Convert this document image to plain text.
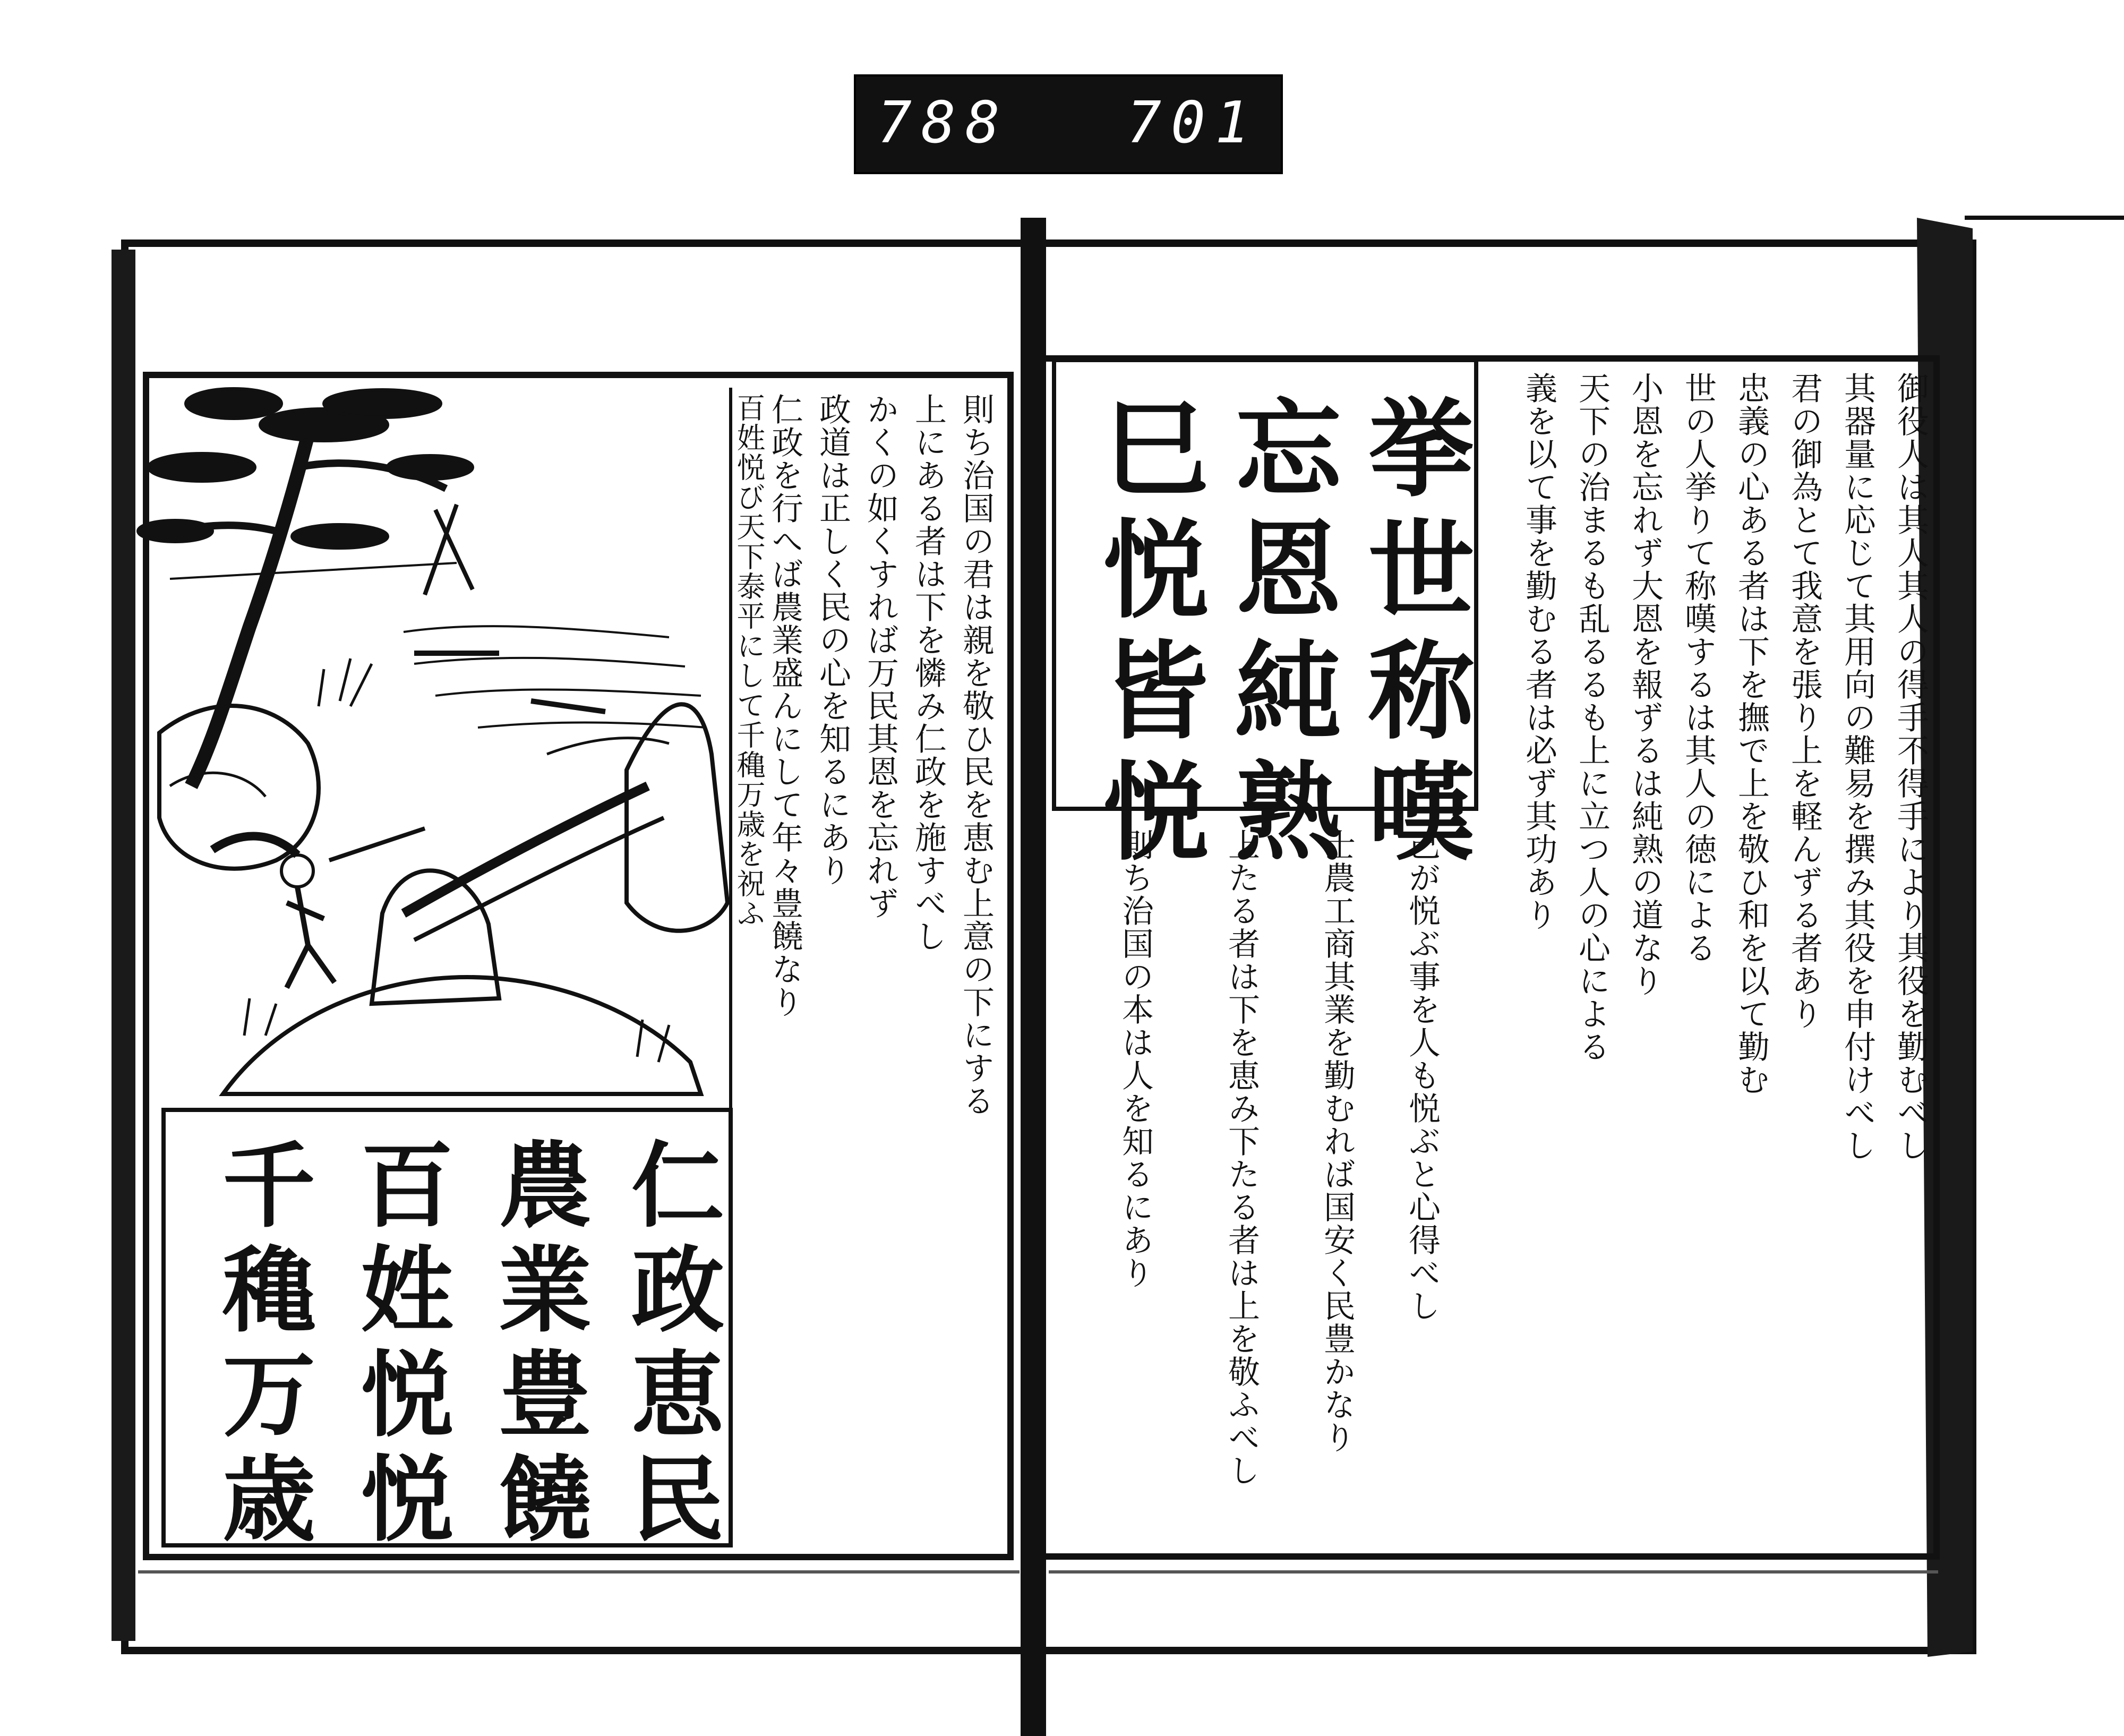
788 701
挙世称嘆
忘恩純熟
巳悦皆悦	御役人は其人其人の得手不得手により其役を勤むべし
其器量に応じて其用向の難易を撰み其役を申付けべし
君の御為とて我意を張り上を軽んずる者あり
忠義の心ある者は下を撫で上を敬ひ和を以て勤む
世の人挙りて称嘆するは其人の徳による
小恩を忘れず大恩を報ずるは純熟の道なり
天下の治まるも乱るるも上に立つ人の心による
義を以て事を勤むる者は必ず其功あり
己が悦ぶ事を人も悦ぶと心得べし
士農工商其業を勤むれば国安く民豊かなり
上たる者は下を恵み下たる者は上を敬ふべし
則ち治国の本は人を知るにあり
則ち治国の君は親を敬ひ民を恵む上意の下にする
上にある者は下を憐み仁政を施すべし
かくの如くすれば万民其恩を忘れず
政道は正しく民の心を知るにあり
仁政を行へば農業盛んにして年々豊饒なり
百姓悦び天下泰平にして千穐万歳を祝ふ
仁政恵民
農業豊饒
百姓悦悦
千穐万歳
